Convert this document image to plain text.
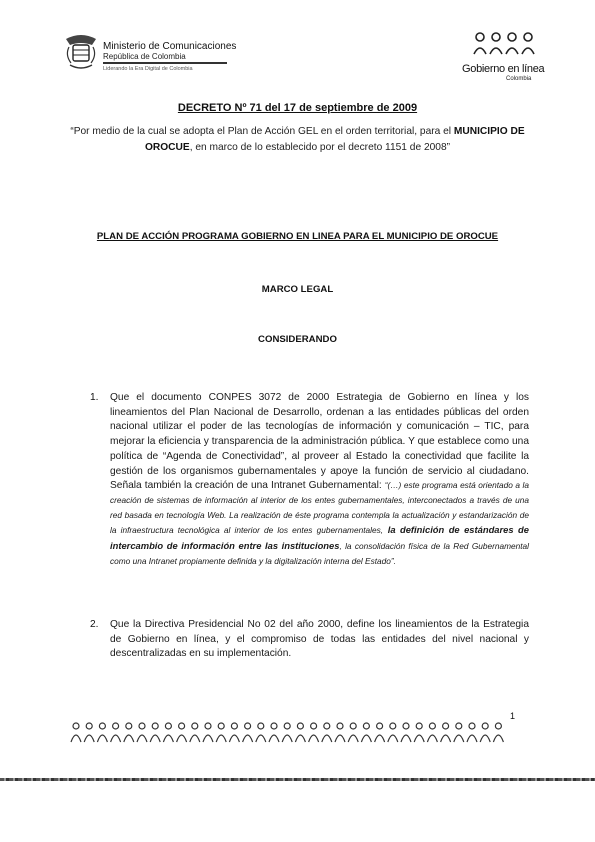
Ministerio de Comunicaciones
República de Colombia
Liderando la Era Digital de Colombia	Gobierno en línea
Colombia
DECRETO Nº 71 del 17 de septiembre de 2009
“Por medio de la cual se adopta el Plan de Acción GEL en el orden territorial, para el MUNICIPIO DE OROCUE, en marco de lo establecido por el decreto 1151 de 2008”
PLAN DE ACCIÓN PROGRAMA GOBIERNO EN LINEA PARA EL MUNICIPIO DE OROCUE
MARCO LEGAL
CONSIDERANDO
1. Que el documento CONPES 3072 de 2000 Estrategia de Gobierno en línea y los lineamientos del Plan Nacional de Desarrollo, ordenan a las entidades públicas del orden nacional utilizar el poder de las tecnologías de información y comunicación – TIC, para mejorar la eficiencia y transparencia de la administración pública. Y que establece como una política de “Agenda de Conectividad”, al proveer al Estado la conectividad que facilite la gestión de los organismos gubernamentales y apoye la función de servicio al ciudadano. Señala también la creación de una Intranet Gubernamental: “(…) este programa está orientado a la creación de sistemas de información al interior de los entes gubernamentales, interconectados a través de una red basada en tecnología Web. La realización de éste programa contempla la actualización y estandarización de la infraestructura tecnológica al interior de los entes gubernamentales, la definición de estándares de intercambio de información entre las instituciones, la consolidación física de la Red Gubernamental como una Intranet propiamente definida y la digitalización interna del Estado”.
2. Que la Directiva Presidencial No 02 del año 2000, define los lineamientos de la Estrategia de Gobierno en línea, y el compromiso de todas las entidades del nivel nacional y descentralizadas en su implementación.
1
